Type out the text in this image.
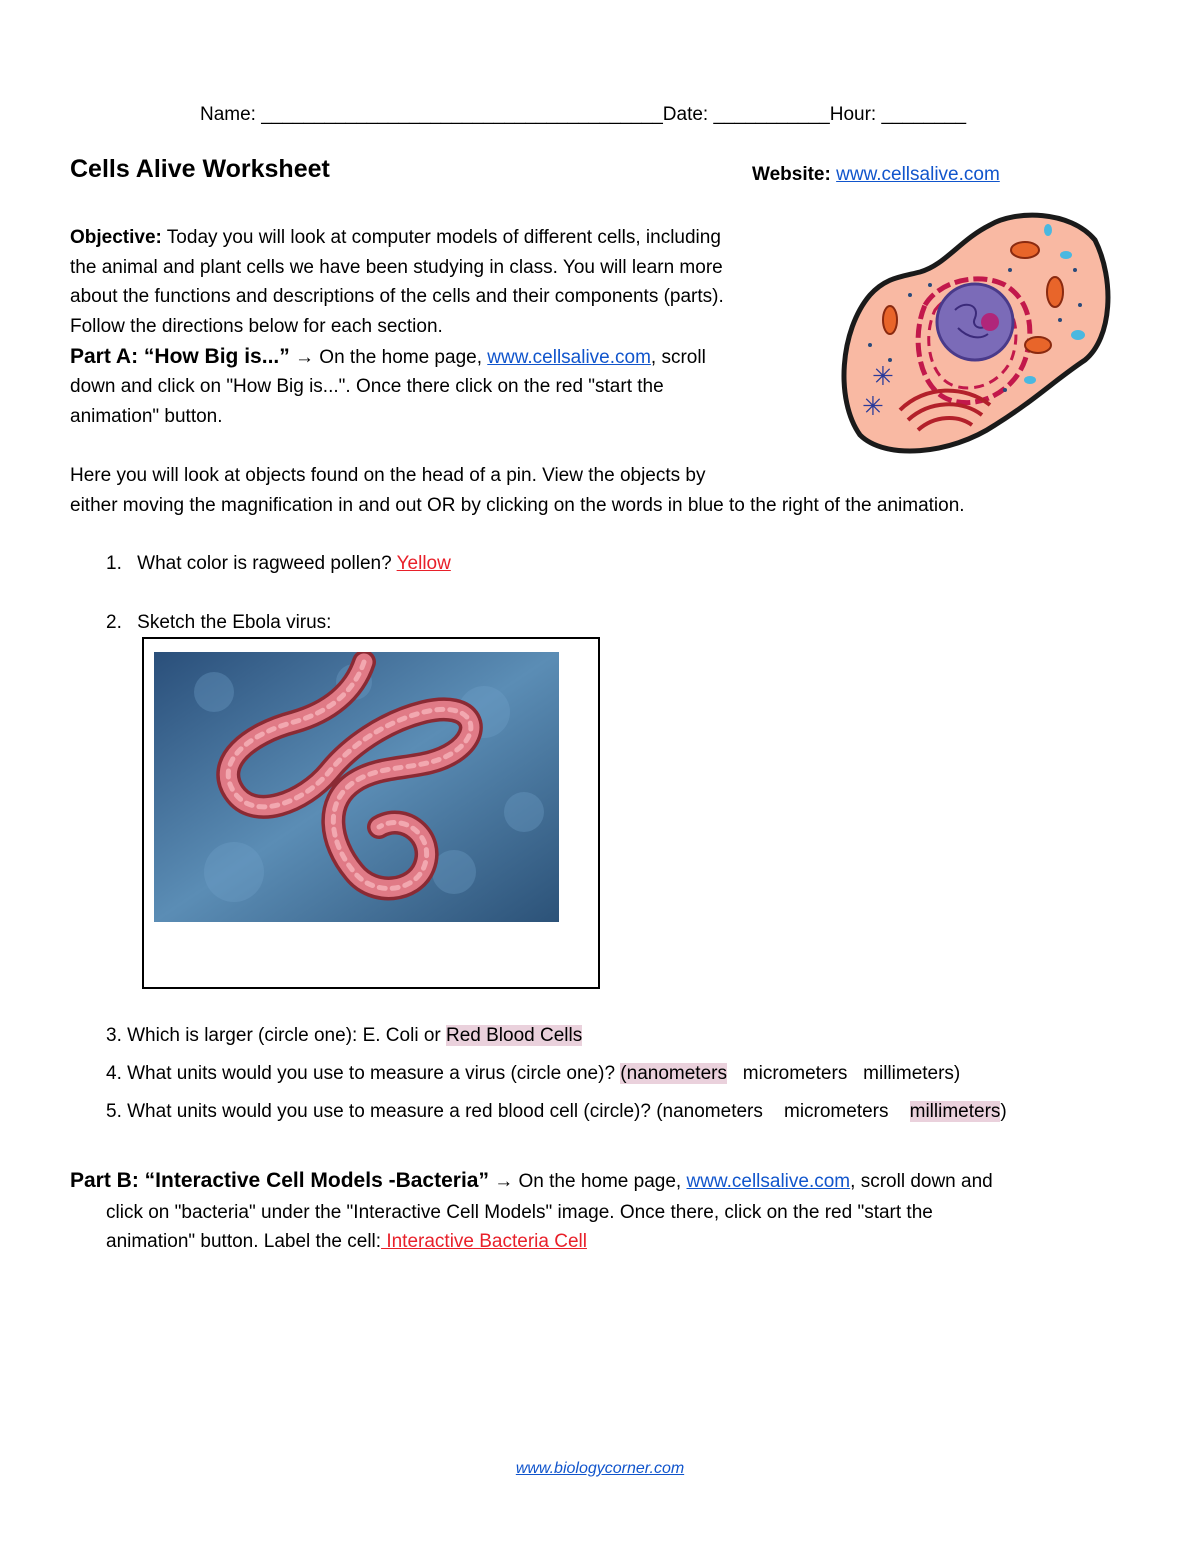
Name: ______________________________________Date: ___________Hour: ________
Cells Alive Worksheet	Website: www.cellsalive.com
Objective: Today you will look at computer models of different cells, including
the animal and plant cells we have been studying in class. You will learn more
about the functions and descriptions of the cells and their components (parts).
Follow the directions below for each section.
Part A: “How Big is...” → On the home page, www.cellsalive.com, scroll
down and click on "How Big is...". Once there click on the red "start the
animation" button.
Here you will look at objects found on the head of a pin. View the objects by
either moving the magnification in and out OR by clicking on the words in blue to the right of the animation.
✳
✳
1. What color is ragweed pollen? Yellow
2. Sketch the Ebola virus:
3. Which is larger (circle one): E. Coli or Red Blood Cells
4. What units would you use to measure a virus (circle one)? (nanometers   micrometers   millimeters)
5. What units would you use to measure a red blood cell (circle)? (nanometers    micrometers    millimeters)
Part B: “Interactive Cell Models -Bacteria” → On the home page, www.cellsalive.com, scroll down and
click on "bacteria" under the "Interactive Cell Models" image. Once there, click on the red "start the
animation" button. Label the cell: Interactive Bacteria Cell
www.biologycorner.com
